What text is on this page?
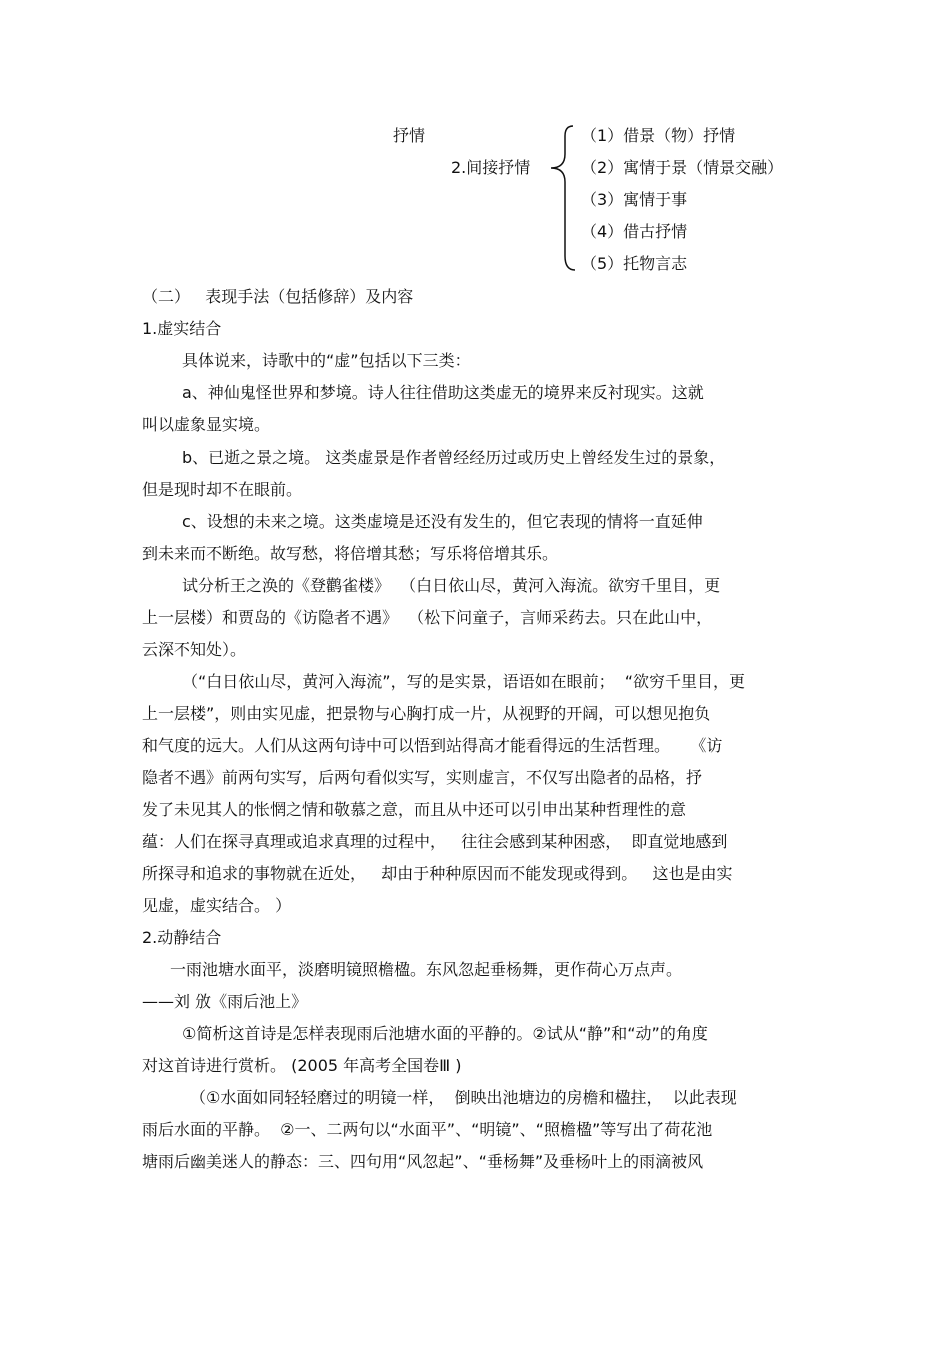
抒情
2.间接抒情
（1）借景（物）抒情
（2）寓情于景（情景交融）
（3）寓情于事
（4）借古抒情
（5）托物言志
（二）   表现手法（包括修辞）及内容
1.虚实结合
具体说来，诗歌中的“虚”包括以下三类：
a、神仙鬼怪世界和梦境。诗人往往借助这类虚无的境界来反衬现实。这就
叫以虚象显实境。
b、已逝之景之境。 这类虚景是作者曾经经历过或历史上曾经发生过的景象，
但是现时却不在眼前。
c、设想的未来之境。这类虚境是还没有发生的，但它表现的情将一直延伸
到未来而不断绝。故写愁，将倍增其愁；写乐将倍增其乐。
试分析王之涣的《登鹳雀楼》  （白日依山尽，黄河入海流。欲穷千里目，更
上一层楼）和贾岛的《访隐者不遇》  （松下问童子，言师采药去。只在此山中，
云深不知处）。
（“白日依山尽，黄河入海流”，写的是实景，语语如在眼前；  “欲穷千里目，更
上一层楼”，则由实见虚，把景物与心胸打成一片，从视野的开阔，可以想见抱负
和气度的远大。人们从这两句诗中可以悟到站得高才能看得远的生活哲理。    《访
隐者不遇》前两句实写，后两句看似实写，实则虚言，不仅写出隐者的品格，抒
发了未见其人的怅惘之情和敬慕之意，而且从中还可以引申出某种哲理性的意
蕴：人们在探寻真理或追求真理的过程中，   往往会感到某种困惑，  即直觉地感到
所探寻和追求的事物就在近处，   却由于种种原因而不能发现或得到。   这也是由实
见虚，虚实结合。 ）
2.动静结合
一雨池塘水面平，淡磨明镜照檐楹。东风忽起垂杨舞，更作荷心万点声。
——刘 攽《雨后池上》
①简析这首诗是怎样表现雨后池塘水面的平静的。②试从“静”和“动”的角度
对这首诗进行赏析。 (2005 年高考全国卷Ⅲ )
（①水面如同轻轻磨过的明镜一样，  倒映出池塘边的房檐和楹拄，  以此表现
雨后水面的平静。  ②一、二两句以“水面平”、“明镜”、“照檐楹”等写出了荷花池
塘雨后幽美迷人的静态：三、四句用“风忽起”、“垂杨舞”及垂杨叶上的雨滴被风
